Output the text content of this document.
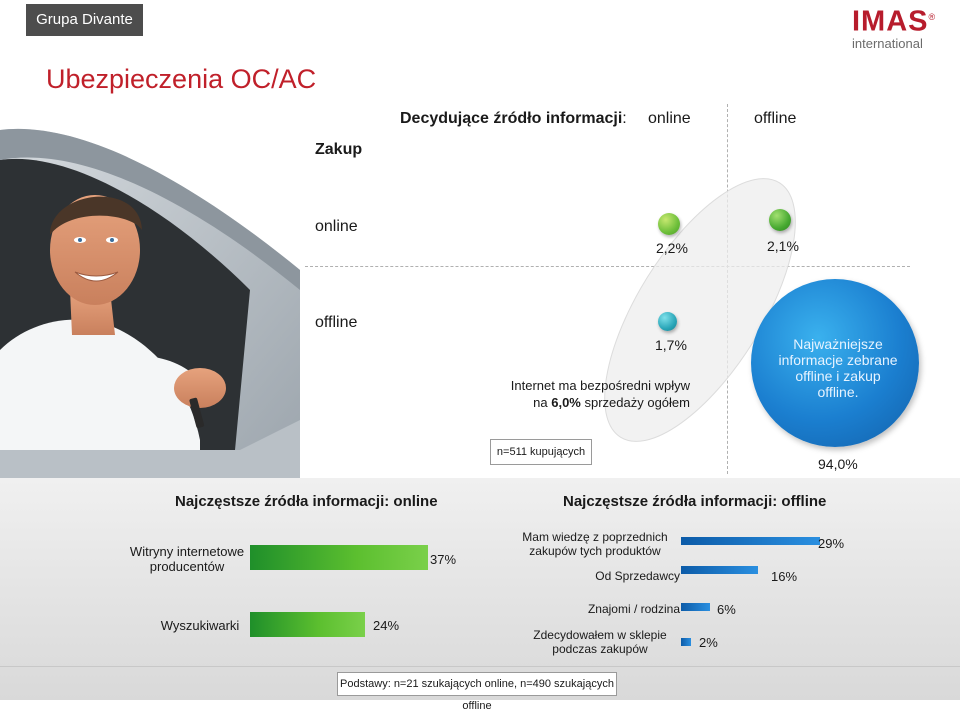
Grupa Divante	IMAS®
international
Ubezpieczenia OC/AC
Decydujące źródło informacji: online	offline
Zakup
online
offline
2,2%	2,1%
1,7%
Internet ma bezpośredni wpływ
na 6,0% sprzedaży ogółem
Najważniejsze informacje zebrane offline i zakup offline.
94,0%
n=511 kupujących
Najczęstsze źródła informacji: online	Najczęstsze źródła informacji: offline
Witryny internetowe producentów	37%
Wyszukiwarki	24%
Mam wiedzę z poprzednich zakupów tych produktów	29%
Od Sprzedawcy	16%
Znajomi / rodzina	6%
Zdecydowałem w sklepie podczas zakupów	2%
Podstawy: n=21 szukających online, n=490 szukających offline
